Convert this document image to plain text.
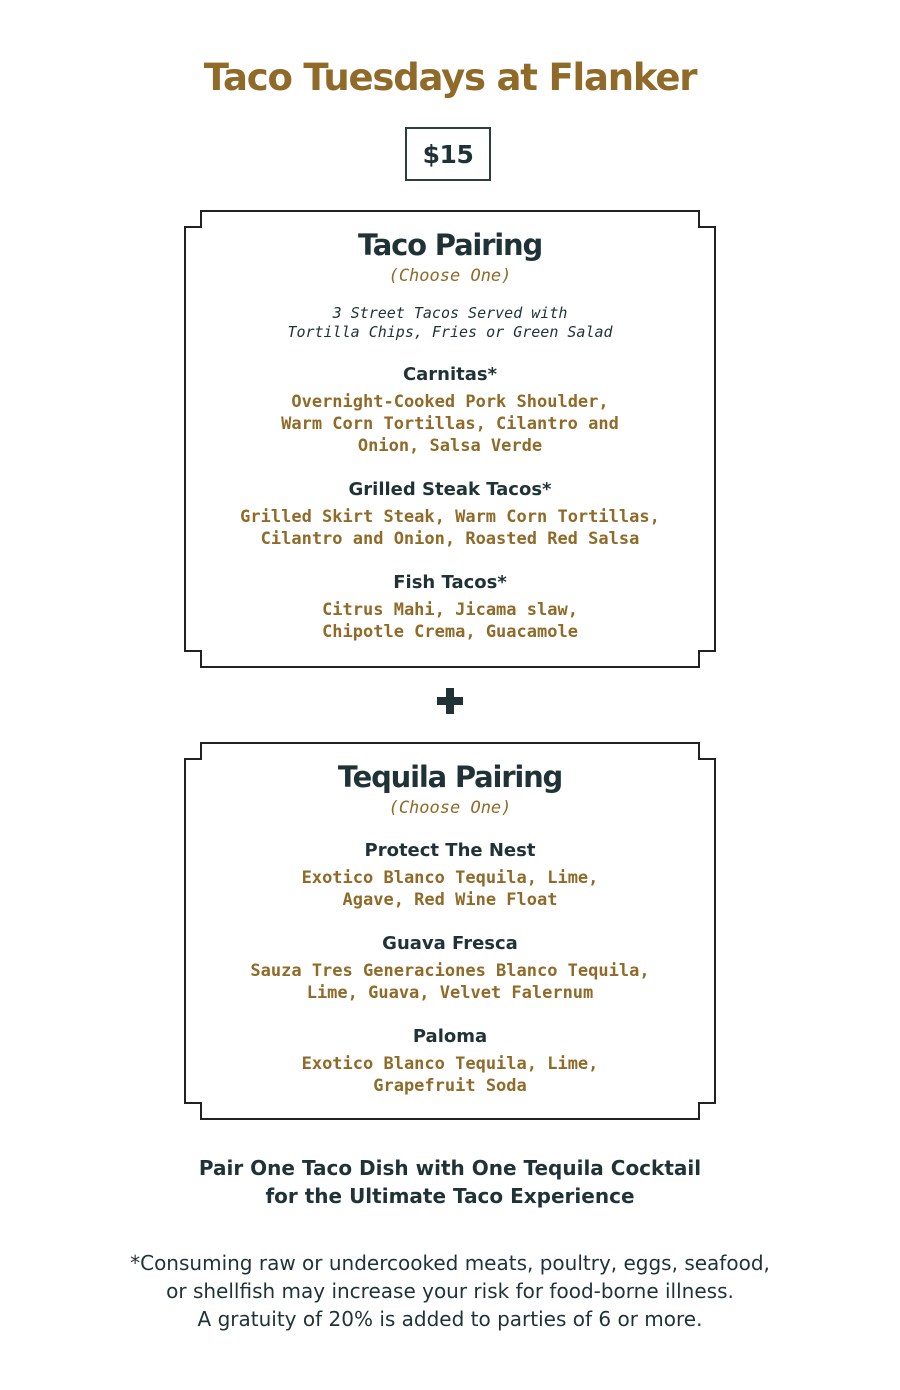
Taco Tuesdays at Flanker
$15
Taco Pairing
(Choose One)
3 Street Tacos Served with
Tortilla Chips, Fries or Green Salad
Carnitas*
Overnight-Cooked Pork Shoulder,
Warm Corn Tortillas, Cilantro and
Onion, Salsa Verde
Grilled Steak Tacos*
Grilled Skirt Steak, Warm Corn Tortillas,
Cilantro and Onion, Roasted Red Salsa
Fish Tacos*
Citrus Mahi, Jicama slaw,
Chipotle Crema, Guacamole
Tequila Pairing
(Choose One)
Protect The Nest
Exotico Blanco Tequila, Lime,
Agave, Red Wine Float
Guava Fresca
Sauza Tres Generaciones Blanco Tequila,
Lime, Guava, Velvet Falernum
Paloma
Exotico Blanco Tequila, Lime,
Grapefruit Soda
Pair One Taco Dish with One Tequila Cocktail
for the Ultimate Taco Experience
*Consuming raw or undercooked meats, poultry, eggs, seafood,
or shellfish may increase your risk for food-borne illness.
A gratuity of 20% is added to parties of 6 or more.
